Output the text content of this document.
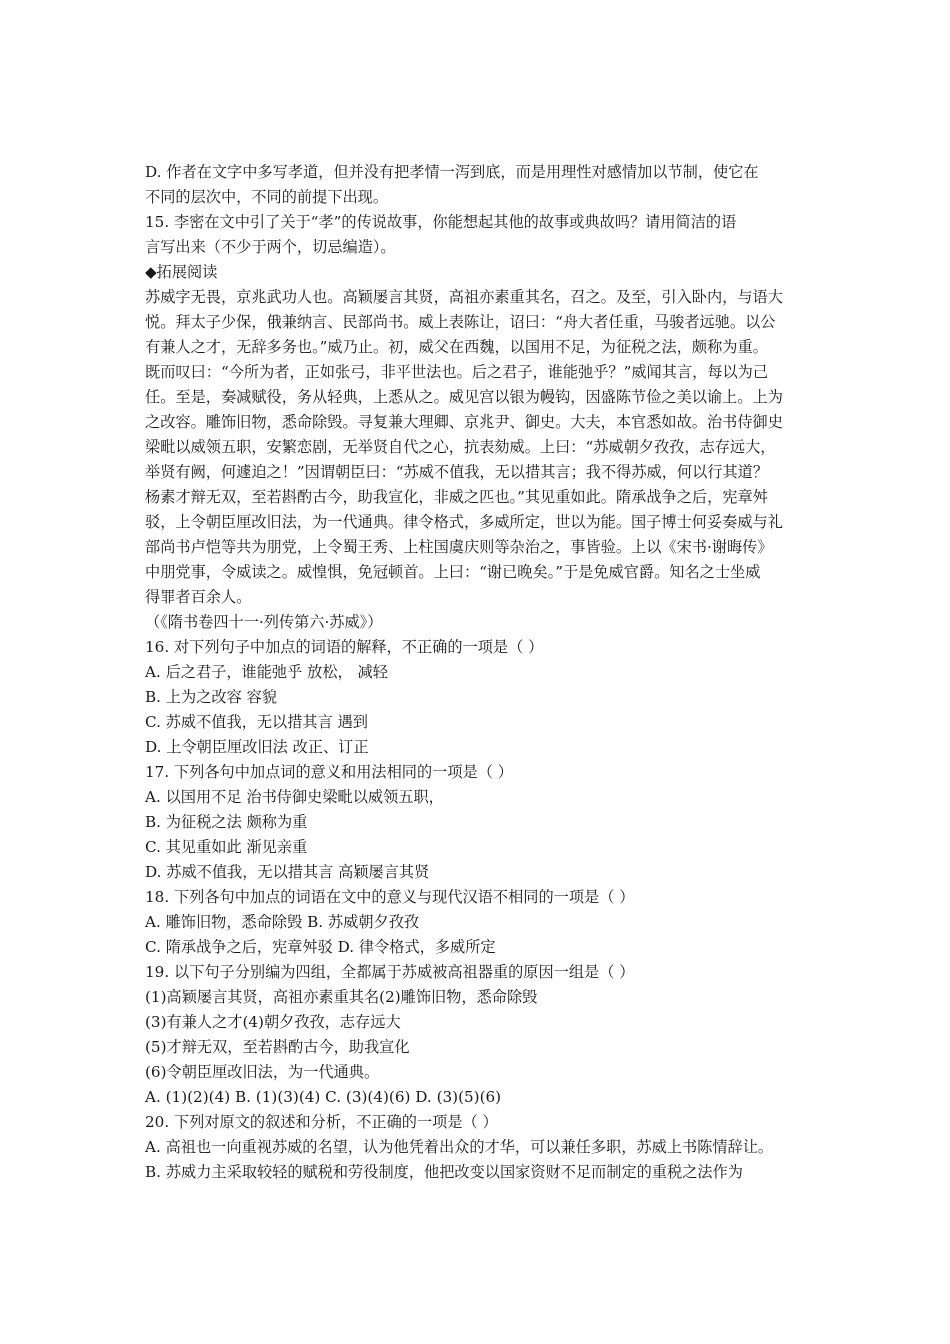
D. 作者在文字中多写孝道，但并没有把孝情一泻到底，而是用理性对感情加以节制，使它在
不同的层次中，不同的前提下出现。
15. 李密在文中引了关于“孝”的传说故事，你能想起其他的故事或典故吗？请用简洁的语
言写出来（不少于两个，切忌编造）。
◆拓展阅读
苏威字无畏，京兆武功人也。高颖屡言其贤，高祖亦素重其名，召之。及至，引入卧内，与语大
悦。拜太子少保，俄兼纳言、民部尚书。威上表陈让，诏曰：“舟大者任重，马骏者远驰。以公
有兼人之才，无辞多务也。”威乃止。初，威父在西魏，以国用不足，为征税之法，颇称为重。
既而叹曰：“今所为者，正如张弓，非平世法也。后之君子，谁能弛乎？”威闻其言，每以为己
任。至是，奏减赋役，务从轻典，上悉从之。威见宫以银为幔钩，因盛陈节俭之美以谕上。上为
之改容。雕饰旧物，悉命除毁。寻复兼大理卿、京兆尹、御史。大夫，本官悉如故。治书侍御史
梁毗以威领五职，安繁恋剧，无举贤自代之心，抗表劾威。上曰：“苏威朝夕孜孜，志存远大，
举贤有阙，何遽迫之！”因谓朝臣曰：“苏威不值我，无以措其言；我不得苏威，何以行其道？
杨素才辩无双，至若斟酌古今，助我宣化，非威之匹也。”其见重如此。隋承战争之后，宪章舛
驳，上令朝臣厘改旧法，为一代通典。律令格式，多威所定，世以为能。国子博士何妥奏威与礼
部尚书卢恺等共为朋党，上令蜀王秀、上柱国虞庆则等杂治之，事皆验。上以《宋书·谢晦传》
中朋党事，令威读之。威惶惧，免冠顿首。上曰：“谢已晚矣。”于是免威官爵。知名之士坐威
得罪者百余人。
（《隋书卷四十一·列传第六·苏威》）
16. 对下列句子中加点的词语的解释，不正确的一项是（ ）
A. 后之君子，谁能弛乎 放松， 减轻
B. 上为之改容 容貌
C. 苏威不值我，无以措其言 遇到
D. 上令朝臣厘改旧法 改正、订正
17. 下列各句中加点词的意义和用法相同的一项是（ ）
A. 以国用不足 治书侍御史梁毗以威领五职，
B. 为征税之法 颇称为重
C. 其见重如此 渐见亲重
D. 苏威不值我，无以措其言 高颖屡言其贤
18. 下列各句中加点的词语在文中的意义与现代汉语不相同的一项是（ ）
A. 雕饰旧物，悉命除毁 B. 苏威朝夕孜孜
C. 隋承战争之后，宪章舛驳 D. 律令格式，多威所定
19. 以下句子分别编为四组，全都属于苏威被高祖器重的原因一组是（ ）
(1)高颖屡言其贤，高祖亦素重其名(2)雕饰旧物，悉命除毁
(3)有兼人之才(4)朝夕孜孜，志存远大
(5)才辩无双，至若斟酌古今，助我宣化
(6)令朝臣厘改旧法，为一代通典。
A. (1)(2)(4) B. (1)(3)(4) C. (3)(4)(6) D. (3)(5)(6)
20. 下列对原文的叙述和分析，不正确的一项是（ ）
A. 高祖也一向重视苏威的名望，认为他凭着出众的才华，可以兼任多职，苏威上书陈情辞让。
B. 苏威力主采取较轻的赋税和劳役制度，他把改变以国家资财不足而制定的重税之法作为
